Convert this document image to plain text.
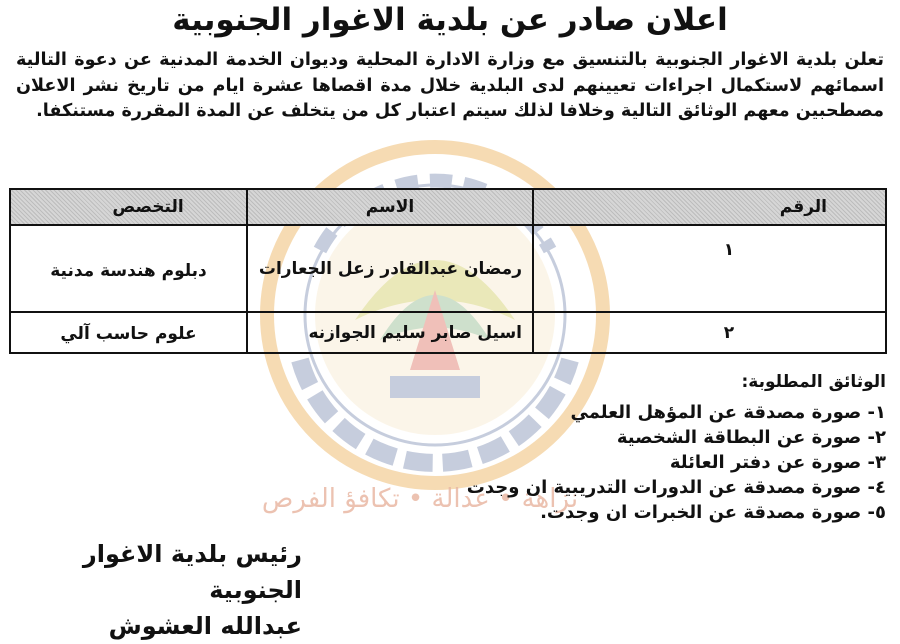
نزاهة • عدالة • تكافؤ الفرص
اعلان صادر عن بلدية الاغوار الجنوبية

تعلن بلدية الاغوار الجنوبية بالتنسيق مع وزارة الادارة المحلية وديوان الخدمة المدنية عن دعوة التالية اسمائهم لاستكمال اجراءات تعيينهم لدى البلدية خلال مدة اقصاها عشرة ايام من تاريخ نشر الاعلان مصطحبين معهم الوثائق التالية وخلافا لذلك سيتم اعتبار كل من يتخلف عن المدة المقررة مستنكفا.

الرقم	الاسم	التخصص
١	رمضان عبدالقادر زعل الجعارات	دبلوم هندسة مدنية
٢	اسيل صابر سليم الجوازنه	علوم حاسب آلي
الوثائق المطلوبة:
١- صورة مصدقة عن المؤهل العلمي
٢- صورة عن البطاقة الشخصية
٣- صورة عن دفتر العائلة
٤- صورة مصدقة عن الدورات التدريبية ان وجدت
٥- صورة مصدقة عن الخبرات ان وجدت.
رئيس بلدية الاغوار الجنوبية
عبدالله العشوش
